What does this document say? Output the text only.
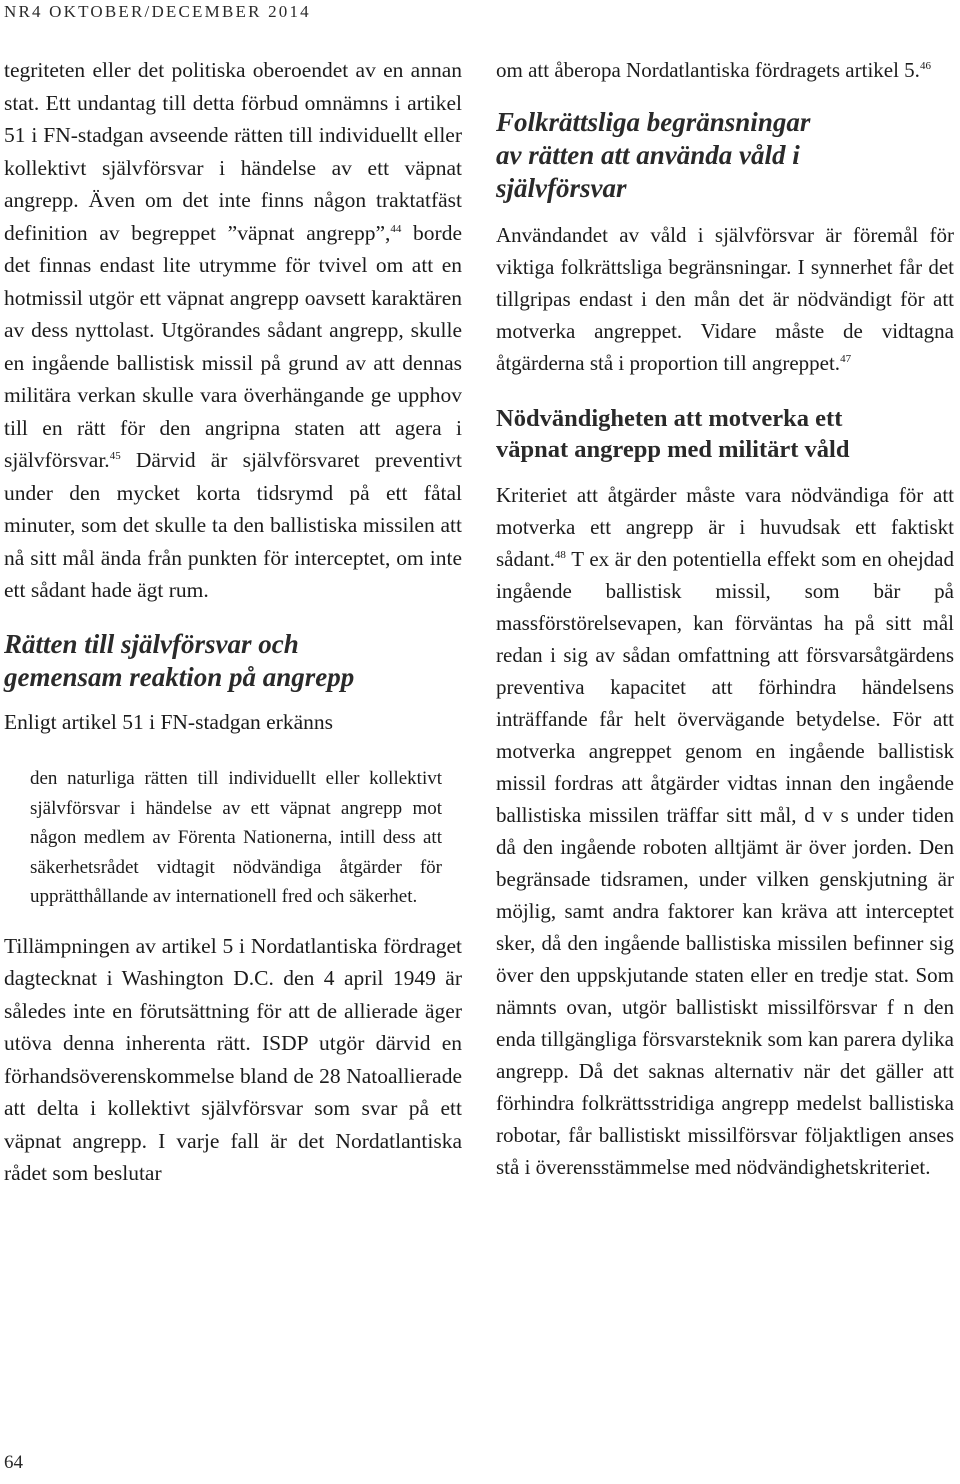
NR4 OKTOBER/DECEMBER 2014

tegriteten eller det politiska oberoendet av en annan stat. Ett undantag till detta förbud omnämns i artikel 51 i FN-stadgan avseende rätten till individuellt eller kollektivt självförsvar i händelse av ett väpnat angrepp. Även om det inte finns någon traktatfäst definition av begreppet ”väpnat angrepp”,$^{44}$ borde det finnas endast lite utrymme för tvivel om att en hotmissil utgör ett väpnat angrepp oavsett karaktären av dess nyttolast. Utgörandes sådant angrepp, skulle en ingående ballistisk missil på grund av att dennas militära verkan skulle vara överhängande ge upphov till en rätt för den angripna staten att agera i självförsvar.$^{45}$ Därvid är självförsvaret preventivt under den mycket korta tidsrymd på ett fåtal minuter, som det skulle ta den ballistiska missilen att nå sitt mål ända från punkten för interceptet, om inte ett sådant hade ägt rum.

Rätten till självförsvar och
gemensam reaktion på angrepp

Enligt artikel 51 i FN-stadgan erkänns

den naturliga rätten till individuellt eller kollektivt självförsvar i händelse av ett väpnat angrepp mot någon medlem av Förenta Nationerna, intill dess att säkerhetsrådet vidtagit nödvändiga åtgärder för upprätthållande av internationell fred och säkerhet.

Tillämpningen av artikel 5 i Nordatlantiska fördraget dagtecknat i Washington D.C. den 4 april 1949 är således inte en förutsättning för att de allierade äger utöva denna inherenta rätt. ISDP utgör därvid en förhandsöverenskommelse bland de 28 Natoallierade att delta i kollektivt självförsvar som svar på ett väpnat angrepp. I varje fall är det Nordatlantiska rådet som beslutar

om att åberopa Nordatlantiska fördragets artikel 5.46

Folkrättsliga begränsningar
av rätten att använda våld i
självförsvar

Användandet av våld i självförsvar är föremål för viktiga folkrättsliga begränsningar. I synnerhet får det tillgripas endast i den mån det är nödvändigt för att motverka angreppet. Vidare måste de vidtagna åtgärderna stå i proportion till angreppet.$^{47}$

Nödvändigheten att motverka ett
väpnat angrepp med militärt våld

Kriteriet att åtgärder måste vara nödvändiga för att motverka ett angrepp är i huvudsak ett faktiskt sådant.$^{48}$ T ex är den potentiella effekt som en ohejdad ingående ballistisk missil, som bär på massförstörelsevapen, kan förväntas ha på sitt mål redan i sig av sådan omfattning att försvarsåtgärdens preventiva kapacitet att förhindra händelsens inträffande får helt övervägande betydelse. För att motverka angreppet genom en ingående ballistisk missil fordras att åtgärder vidtas innan den ingående ballistiska missilen träffar sitt mål, d v s under tiden då den ingående roboten alltjämt är över jorden. Den begränsade tidsramen, under vilken genskjutning är möjlig, samt andra faktorer kan kräva att interceptet sker, då den ingående ballistiska missilen befinner sig över den uppskjutande staten eller en tredje stat. Som nämnts ovan, utgör ballistiskt missilförsvar f n den enda tillgängliga försvarsteknik som kan parera dylika angrepp. Då det saknas alternativ när det gäller att förhindra folkrättsstridiga angrepp medelst ballistiska robotar, får ballistiskt missilförsvar följaktligen anses stå i överensstämmelse med nödvändighetskriteriet.

64
